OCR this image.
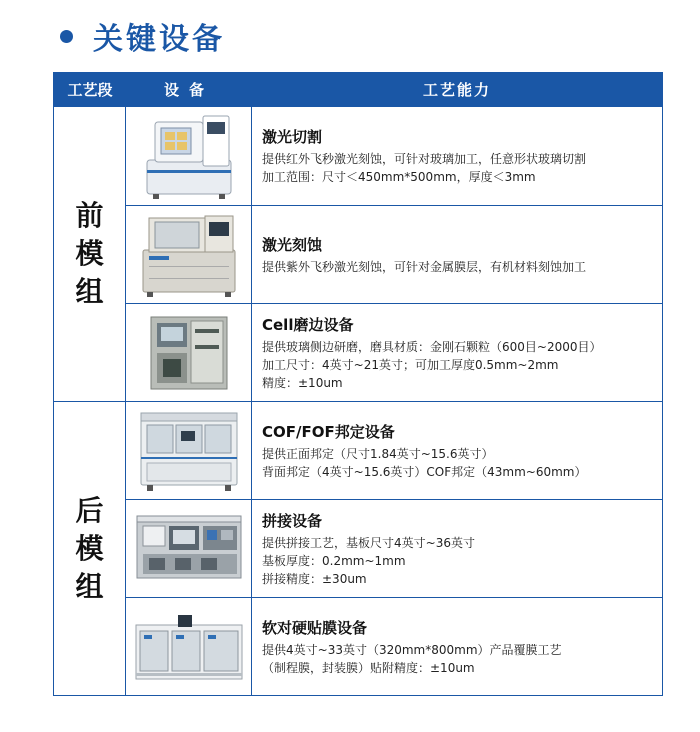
关键设备
工艺段	设备	工艺能力
前
模
组
后
模
组
激光切割
提供红外飞秒激光刻蚀，可针对玻璃加工，任意形状玻璃切割
加工范围：尺寸＜450mm*500mm，厚度＜3mm
激光刻蚀
提供紫外飞秒激光刻蚀，可针对金属膜层，有机材料刻蚀加工
Cell磨边设备
提供玻璃侧边研磨，磨具材质：金刚石颗粒（600目~2000目）
加工尺寸：4英寸~21英寸；可加工厚度0.5mm~2mm
精度：±10um
COF/FOF邦定设备
提供正面邦定（尺寸1.84英寸~15.6英寸）
背面邦定（4英寸~15.6英寸）COF邦定（43mm~60mm）
拼接设备
提供拼接工艺，基板尺寸4英寸~36英寸
基板厚度：0.2mm~1mm
拼接精度：±30um
软对硬贴膜设备
提供4英寸~33英寸（320mm*800mm）产品覆膜工艺
（制程膜，封装膜）贴附精度：±10um
